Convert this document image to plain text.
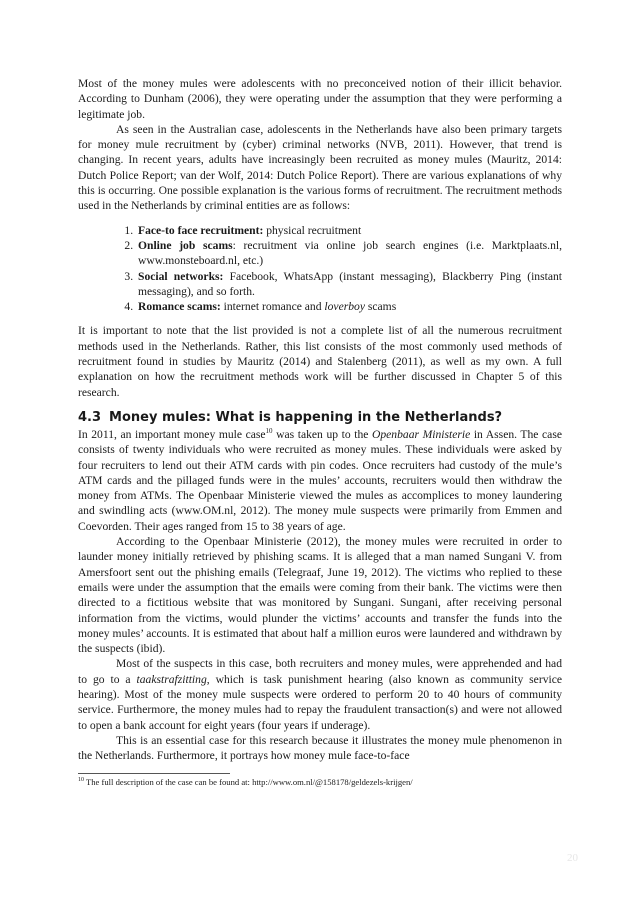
Most of the money mules were adolescents with no preconceived notion of their illicit behavior. According to Dunham (2006), they were operating under the assumption that they were performing a legitimate job.

As seen in the Australian case, adolescents in the Netherlands have also been primary targets for money mule recruitment by (cyber) criminal networks (NVB, 2011). However, that trend is changing. In recent years, adults have increasingly been recruited as money mules (Mauritz, 2014: Dutch Police Report; van der Wolf, 2014: Dutch Police Report). There are various explanations of why this is occurring. One possible explanation is the various forms of recruitment. The recruitment methods used in the Netherlands by criminal entities are as follows:

1. Face-to face recruitment: physical recruitment
2. Online job scams: recruitment via online job search engines (i.e. Marktplaats.nl, www.monsteboard.nl, etc.)
3. Social networks: Facebook, WhatsApp (instant messaging), Blackberry Ping (instant messaging), and so forth.
4. Romance scams: internet romance and loverboy scams

It is important to note that the list provided is not a complete list of all the numerous recruitment methods used in the Netherlands. Rather, this list consists of the most commonly used methods of recruitment found in studies by Mauritz (2014) and Stalenberg (2011), as well as my own. A full explanation on how the recruitment methods work will be further discussed in Chapter 5 of this research.

4.3 Money mules: What is happening in the Netherlands?

In 2011, an important money mule case$^{10}$ was taken up to the Openbaar Ministerie in Assen. The case consists of twenty individuals who were recruited as money mules. These individuals were asked by four recruiters to lend out their ATM cards with pin codes. Once recruiters had custody of the mule’s ATM cards and the pillaged funds were in the mules’ accounts, recruiters would then withdraw the money from ATMs. The Openbaar Ministerie viewed the mules as accomplices to money laundering and swindling acts (www.OM.nl, 2012). The money mule suspects were primarily from Emmen and Coevorden. Their ages ranged from 15 to 38 years of age.

According to the Openbaar Ministerie (2012), the money mules were recruited in order to launder money initially retrieved by phishing scams. It is alleged that a man named Sungani V. from Amersfoort sent out the phishing emails (Telegraaf, June 19, 2012). The victims who replied to these emails were under the assumption that the emails were coming from their bank. The victims were then directed to a fictitious website that was monitored by Sungani. Sungani, after receiving personal information from the victims, would plunder the victims’ accounts and transfer the funds into the money mules’ accounts. It is estimated that about half a million euros were laundered and withdrawn by the suspects (ibid).

Most of the suspects in this case, both recruiters and money mules, were apprehended and had to go to a taakstrafzitting, which is task punishment hearing (also known as community service hearing). Most of the money mule suspects were ordered to perform 20 to 40 hours of community service. Furthermore, the money mules had to repay the fraudulent transaction(s) and were not allowed to open a bank account for eight years (four years if underage).

This is an essential case for this research because it illustrates the money mule phenomenon in the Netherlands. Furthermore, it portrays how money mule face-to-face

$^{10}$ The full description of the case can be found at: http://www.om.nl/@158178/geldezels-krijgen/
20
